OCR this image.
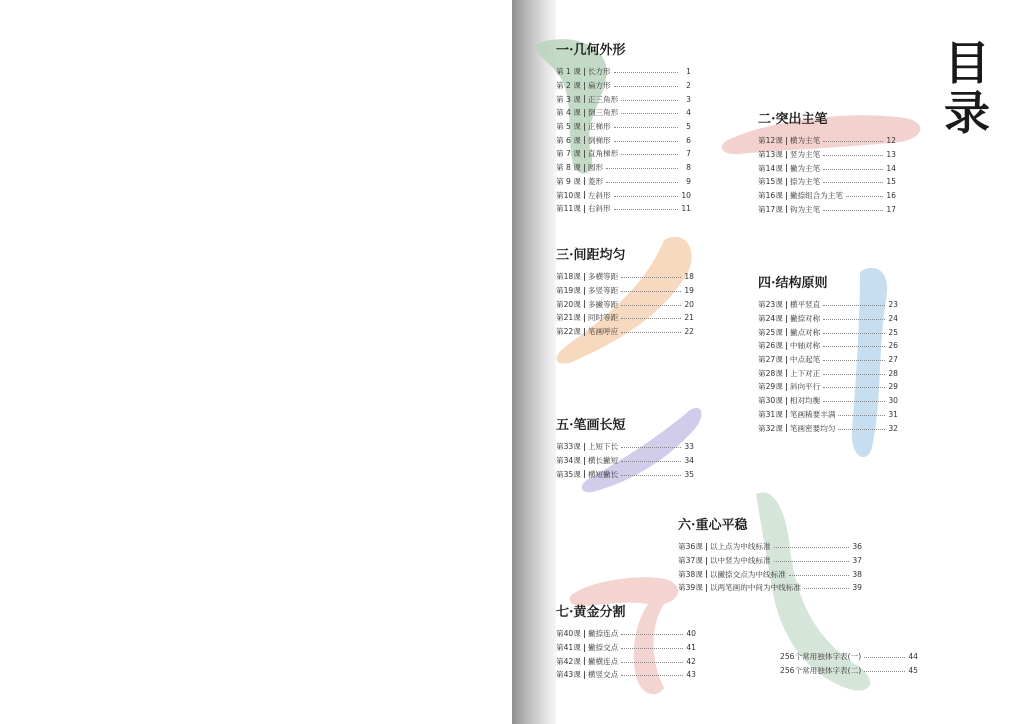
目
录
一·几何外形
第 1 课 长方形	1
第 2 课 扁方形	2
第 3 课 正三角形	3
第 4 课 倒三角形	4
第 5 课 正梯形	5
第 6 课 倒梯形	6
第 7 课 直角梯形	7
第 8 课 圆形	8
第 9 课 菱形	9
第10课 左斜形	10
第11课 右斜形	11
二·突出主笔
第12课 横为主笔	12
第13课 竖为主笔	13
第14课 撇为主笔	14
第15课 捺为主笔	15
第16课 撇捺组合为主笔	16
第17课 钩为主笔	17
三·间距均匀
第18课 多横等距	18
第19课 多竖等距	19
第20课 多撇等距	20
第21课 同时等距	21
第22课 笔画呼应	22
四·结构原则
第23课 横平竖直	23
第24课 撇捺对称	24
第25课 撇点对称	25
第26课 中轴对称	26
第27课 中点起笔	27
第28课 上下对正	28
第29课 斜向平行	29
第30课 相对均衡	30
第31课 笔画稀要丰满	31
第32课 笔画密要均匀	32
五·笔画长短
第33课 上短下长	33
第34课 横长撇短	34
第35课 横短撇长	35
六·重心平稳
第36课 以上点为中线标准	36
第37课 以中竖为中线标准	37
第38课 以撇捺交点为中线标准	38
第39课 以两笔画的中间为中线标准	39
七·黄金分割
第40课 撇捺连点	40
第41课 撇捺交点	41
第42课 撇横连点	42
第43课 横竖交点	43
256个常用独体字表(一)	44
256个常用独体字表(二)	45
